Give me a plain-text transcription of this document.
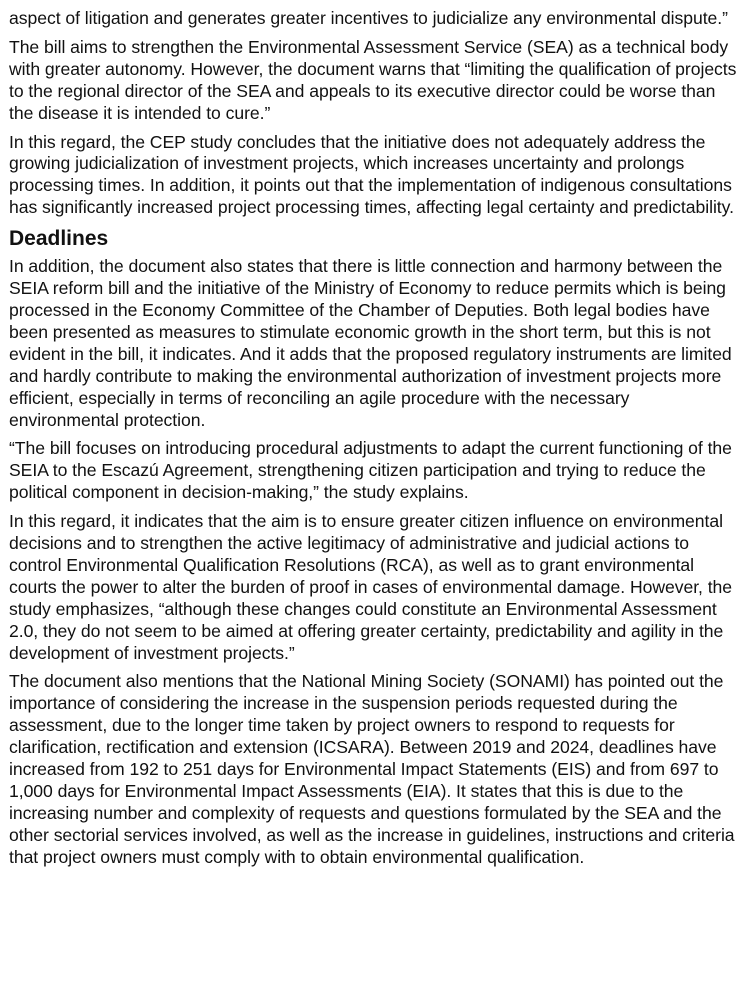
aspect of litigation and generates greater incentives to judicialize any environmental dispute.”

The bill aims to strengthen the Environmental Assessment Service (SEA) as a technical body with greater autonomy. However, the document warns that “limiting the qualification of projects to the regional director of the SEA and appeals to its executive director could be worse than the disease it is intended to cure.”

In this regard, the CEP study concludes that the initiative does not adequately address the growing judicialization of investment projects, which increases uncertainty and prolongs processing times. In addition, it points out that the implementation of indigenous consultations has significantly increased project processing times, affecting legal certainty and predictability.

Deadlines

In addition, the document also states that there is little connection and harmony between the SEIA reform bill and the initiative of the Ministry of Economy to reduce permits which is being processed in the Economy Committee of the Chamber of Deputies. Both legal bodies have been presented as measures to stimulate economic growth in the short term, but this is not evident in the bill, it indicates. And it adds that the proposed regulatory instruments are limited and hardly contribute to making the environmental authorization of investment projects more efficient, especially in terms of reconciling an agile procedure with the necessary environmental protection.

“The bill focuses on introducing procedural adjustments to adapt the current functioning of the SEIA to the Escazú Agreement, strengthening citizen participation and trying to reduce the political component in decision-making,” the study explains.

In this regard, it indicates that the aim is to ensure greater citizen influence on environmental decisions and to strengthen the active legitimacy of administrative and judicial actions to control Environmental Qualification Resolutions (RCA), as well as to grant environmental courts the power to alter the burden of proof in cases of environmental damage. However, the study emphasizes, “although these changes could constitute an Environmental Assessment 2.0, they do not seem to be aimed at offering greater certainty, predictability and agility in the development of investment projects.”

The document also mentions that the National Mining Society (SONAMI) has pointed out the importance of considering the increase in the suspension periods requested during the assessment, due to the longer time taken by project owners to respond to requests for clarification, rectification and extension (ICSARA). Between 2019 and 2024, deadlines have increased from 192 to 251 days for Environmental Impact Statements (EIS) and from 697 to 1,000 days for Environmental Impact Assessments (EIA). It states that this is due to the increasing number and complexity of requests and questions formulated by the SEA and the other sectorial services involved, as well as the increase in guidelines, instructions and criteria that project owners must comply with to obtain environmental qualification.
